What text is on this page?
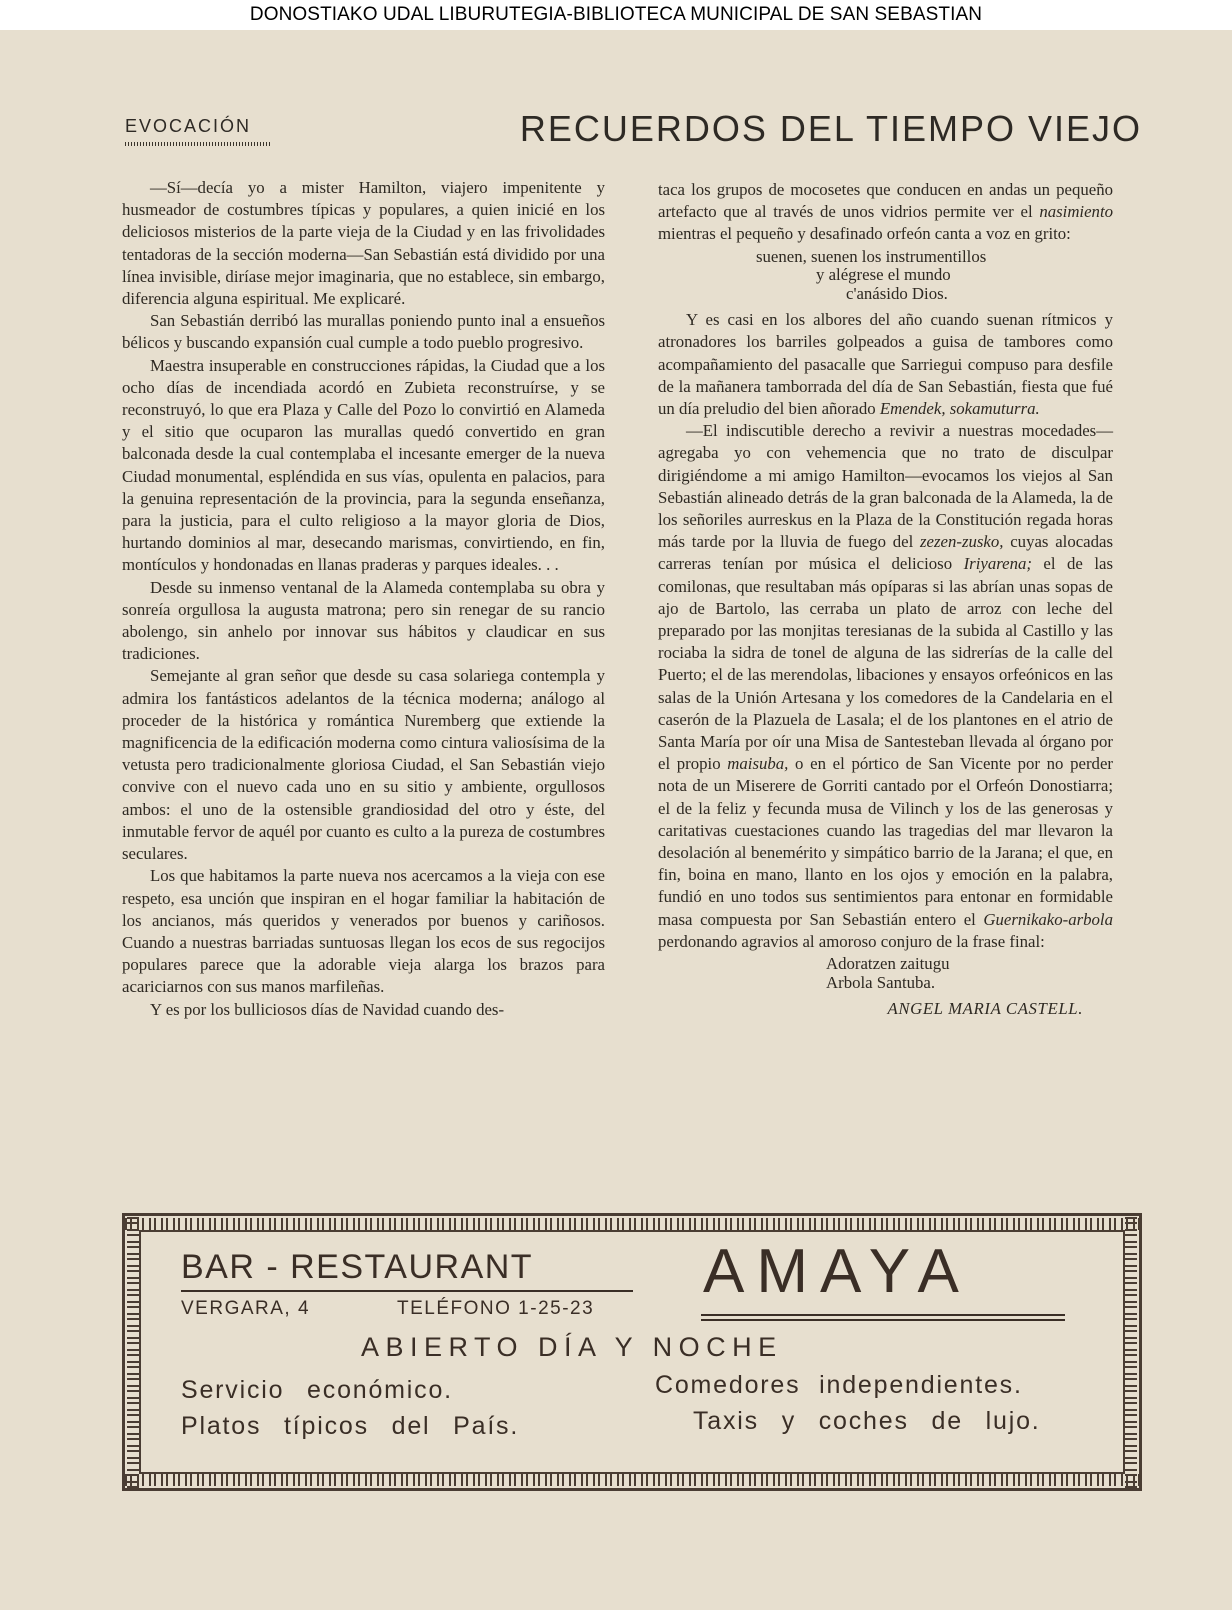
DONOSTIAKO UDAL LIBURUTEGIA-BIBLIOTECA MUNICIPAL DE SAN SEBASTIAN
EVOCACIÓN	RECUERDOS DEL TIEMPO VIEJO

—Sí—decía yo a mister Hamilton, viajero impenitente y husmeador de costumbres típicas y populares, a quien inicié en los deliciosos misterios de la parte vieja de la Ciudad y en las frivolidades tentadoras de la sección moderna—San Sebastián está dividido por una línea invisible, diríase mejor imaginaria, que no establece, sin embargo, diferencia alguna espiritual. Me explicaré.

San Sebastián derribó las murallas poniendo punto inal a ensueños bélicos y buscando expansión cual cumple a todo pueblo progresivo.

Maestra insuperable en construcciones rápidas, la Ciudad que a los ocho días de incendiada acordó en Zubieta reconstruírse, y se reconstruyó, lo que era Plaza y Calle del Pozo lo convirtió en Alameda y el sitio que ocuparon las murallas quedó convertido en gran balconada desde la cual contemplaba el incesante emerger de la nueva Ciudad monumental, espléndida en sus vías, opulenta en palacios, para la genuina representación de la provincia, para la segunda enseñanza, para la justicia, para el culto religioso a la mayor gloria de Dios, hurtando dominios al mar, desecando marismas, convirtiendo, en fin, montículos y hondonadas en llanas praderas y parques ideales. . .

Desde su inmenso ventanal de la Alameda contemplaba su obra y sonreía orgullosa la augusta matrona; pero sin renegar de su rancio abolengo, sin anhelo por innovar sus hábitos y claudicar en sus tradiciones.

Semejante al gran señor que desde su casa solariega contempla y admira los fantásticos adelantos de la técnica moderna; análogo al proceder de la histórica y romántica Nuremberg que extiende la magnificencia de la edificación moderna como cintura valiosísima de la vetusta pero tradicionalmente gloriosa Ciudad, el San Sebastián viejo convive con el nuevo cada uno en su sitio y ambiente, orgullosos ambos: el uno de la ostensible grandiosidad del otro y éste, del inmutable fervor de aquél por cuanto es culto a la pureza de costumbres seculares.

Los que habitamos la parte nueva nos acercamos a la vieja con ese respeto, esa unción que inspiran en el hogar familiar la habitación de los ancianos, más queridos y venerados por buenos y cariñosos. Cuando a nuestras barriadas suntuosas llegan los ecos de sus regocijos populares parece que la adorable vieja alarga los brazos para acariciarnos con sus manos marfileñas.

Y es por los bulliciosos días de Navidad cuando des-

taca los grupos de mocosetes que conducen en andas un pequeño artefacto que al través de unos vidrios permite ver el nasimiento mientras el pequeño y desafinado orfeón canta a voz en grito:

suenen, suenen los instrumentillos
y alégrese el mundo
c'anásido Dios.

Y es casi en los albores del año cuando suenan rítmicos y atronadores los barriles golpeados a guisa de tambores como acompañamiento del pasacalle que Sarriegui compuso para desfile de la mañanera tamborrada del día de San Sebastián, fiesta que fué un día preludio del bien añorado Emendek, sokamuturra.

—El indiscutible derecho a revivir a nuestras mocedades—agregaba yo con vehemencia que no trato de disculpar dirigiéndome a mi amigo Hamilton—evocamos los viejos al San Sebastián alineado detrás de la gran balconada de la Alameda, la de los señoriles aurreskus en la Plaza de la Constitución regada horas más tarde por la lluvia de fuego del zezen-zusko, cuyas alocadas carreras tenían por música el delicioso Iriyarena; el de las comilonas, que resultaban más opíparas si las abrían unas sopas de ajo de Bartolo, las cerraba un plato de arroz con leche del preparado por las monjitas teresianas de la subida al Castillo y las rociaba la sidra de tonel de alguna de las sidrerías de la calle del Puerto; el de las merendolas, libaciones y ensayos orfeónicos en las salas de la Unión Artesana y los comedores de la Candelaria en el caserón de la Plazuela de Lasala; el de los plantones en el atrio de Santa María por oír una Misa de Santesteban llevada al órgano por el propio maisuba, o en el pórtico de San Vicente por no perder nota de un Miserere de Gorriti cantado por el Orfeón Donostiarra; el de la feliz y fecunda musa de Vilinch y los de las generosas y caritativas cuestaciones cuando las tragedias del mar llevaron la desolación al benemérito y simpático barrio de la Jarana; el que, en fin, boina en mano, llanto en los ojos y emoción en la palabra, fundió en uno todos sus sentimientos para entonar en formidable masa compuesta por San Sebastián entero el Guernikako-arbola perdonando agravios al amoroso conjuro de la frase final:

Adoratzen zaitugu
Arbola Santuba.
ANGEL MARIA CASTELL.
BAR - RESTAURANT
VERGARA, 4	TELÉFONO 1-25-23
AMAYA
ABIERTO DÍA Y NOCHE
Servicio económico.
Platos típicos del País.
Comedores independientes.
Taxis y coches de lujo.
